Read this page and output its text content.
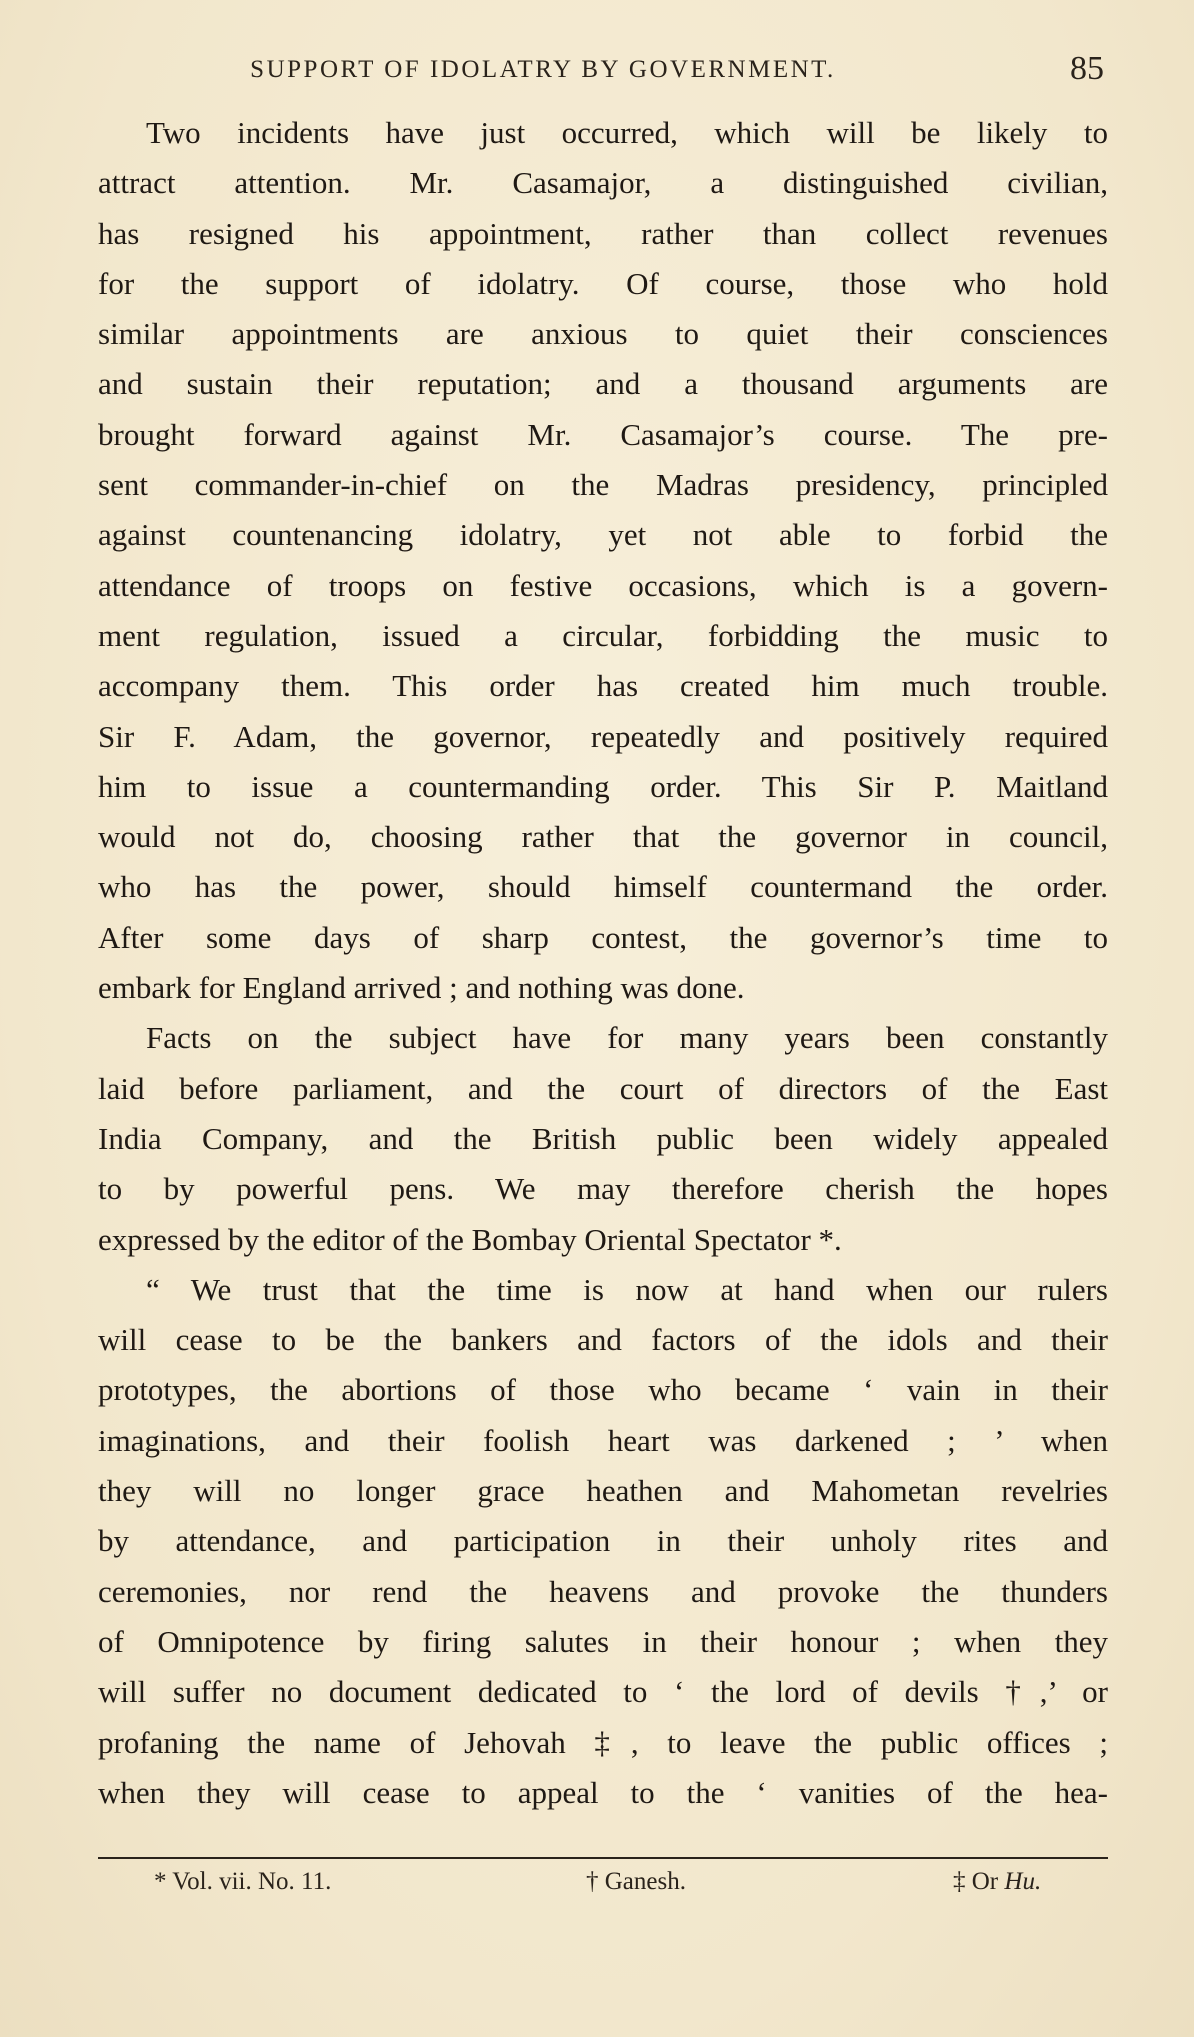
SUPPORT OF IDOLATRY BY GOVERNMENT.	85
Two incidents have just occurred, which will be likely to
attract attention. Mr. Casamajor, a distinguished civilian,
has resigned his appointment, rather than collect revenues
for the support of idolatry. Of course, those who hold
similar appointments are anxious to quiet their consciences
and sustain their reputation; and a thousand arguments are
brought forward against Mr. Casamajor’s course. The pre-
sent commander-in-chief on the Madras presidency, principled
against countenancing idolatry, yet not able to forbid the
attendance of troops on festive occasions, which is a govern-
ment regulation, issued a circular, forbidding the music to
accompany them. This order has created him much trouble.
Sir F. Adam, the governor, repeatedly and positively required
him to issue a countermanding order. This Sir P. Maitland
would not do, choosing rather that the governor in council,
who has the power, should himself countermand the order.
After some days of sharp contest, the governor’s time to
embark for England arrived ; and nothing was done.
Facts on the subject have for many years been constantly
laid before parliament, and the court of directors of the East
India Company, and the British public been widely appealed
to by powerful pens. We may therefore cherish the hopes
expressed by the editor of the Bombay Oriental Spectator *.
“ We trust that the time is now at hand when our rulers
will cease to be the bankers and factors of the idols and their
prototypes, the abortions of those who became ‘ vain in their
imaginations, and their foolish heart was darkened ; ’ when
they will no longer grace heathen and Mahometan revelries
by attendance, and participation in their unholy rites and
ceremonies, nor rend the heavens and provoke the thunders
of Omnipotence by firing salutes in their honour ; when they
will suffer no document dedicated to ‘ the lord of devils †,’ or
profaning the name of Jehovah ‡, to leave the public offices ;
when they will cease to appeal to the ‘ vanities of the hea-
* Vol. vii. No. 11.	† Ganesh.	‡ Or Hu.
